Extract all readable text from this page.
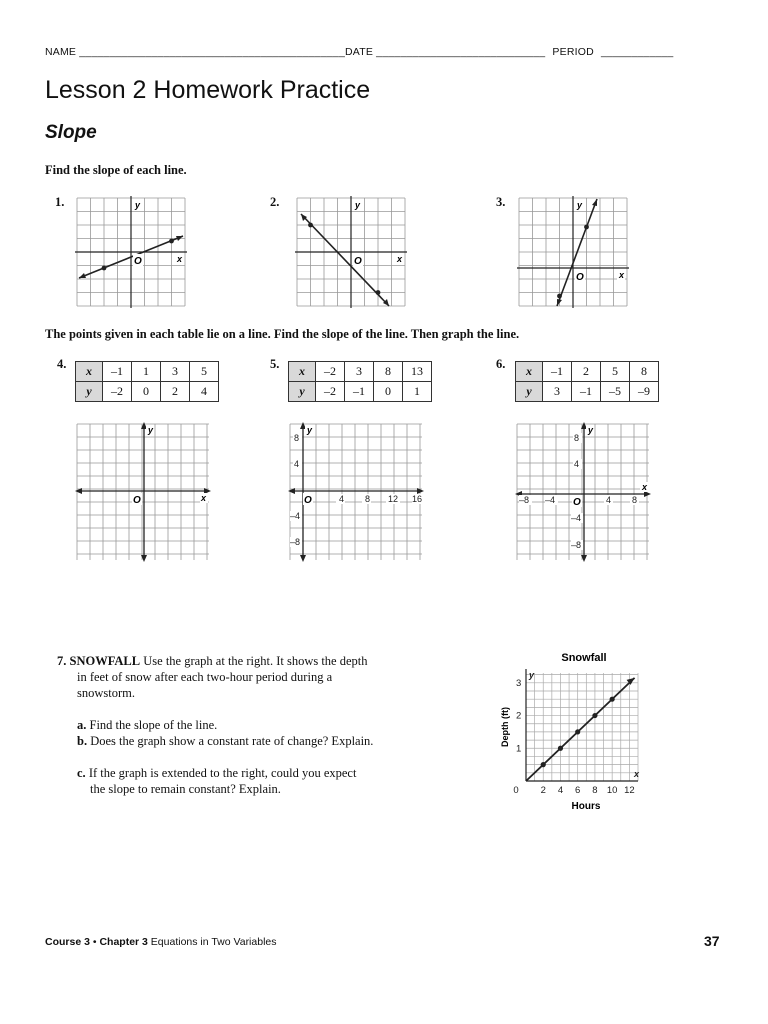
NAME ____________________________________________DATE ____________________________ PERIOD ____________
Lesson 2 Homework Practice
Slope
Find the slope of each line.
1.	2.	3.
y
x
O
y
x
O
y
x
O
The points given in each table lie on a line. Find the slope of the line. Then graph the line.
4. x	–1	1	3	5
y	–2	0	2	4
5. x	–2	3	8	13
y	–2	–1	0	1
6. x	–1	2	5	8
y	3	–1	–5	–9
y
x
O
y
O
8
4
–4
–8
4 8 12 16
y
O
8
4
–4
–8
–8 –4	4 8
x
7. SNOWFALL Use the graph at the right. It shows the depth
in feet of snow after each two-hour period during a
snowstorm.
a. Find the slope of the line.
b. Does the graph show a constant rate of change? Explain.
c. If the graph is extended to the right, could you expect
the slope to remain constant? Explain.
Snowfall
Depth (ft)
Hours
0 2 4 6 8 10 12
1
2
3
x
y
Course 3 • Chapter 3 Equations in Two Variables	37
